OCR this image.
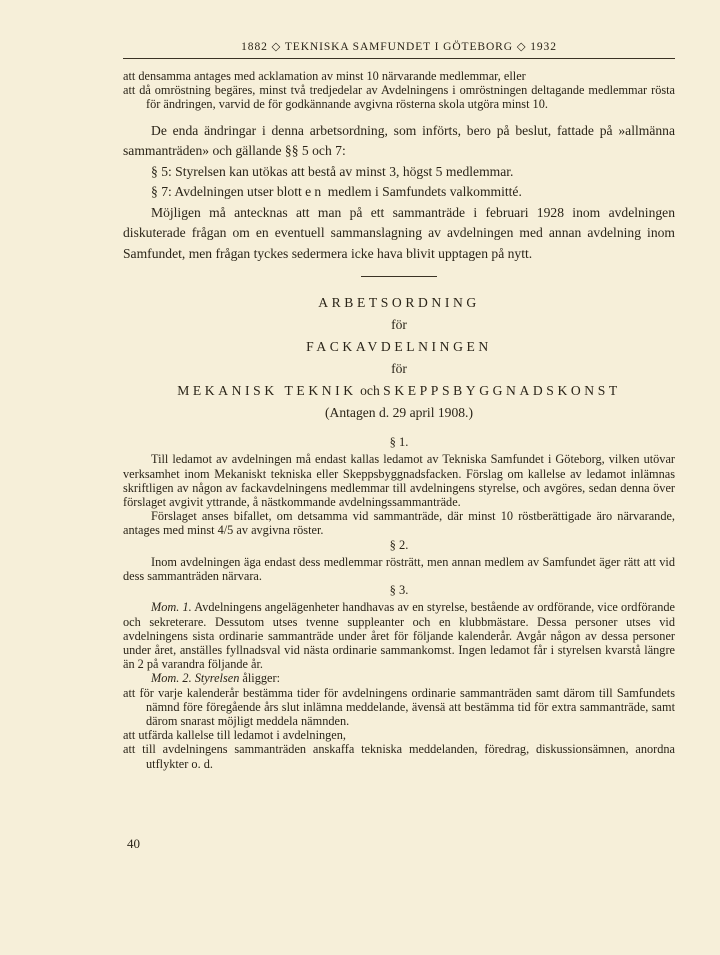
1882 ◇ TEKNISKA SAMFUNDET I GÖTEBORG ◇ 1932

att densamma antages med acklamation av minst 10 närvarande medlemmar, eller

att då omröstning begäres, minst två tredjedelar av Avdelningens i omröstningen deltagande medlemmar rösta för ändringen, varvid de för godkännande avgivna rösterna skola utgöra minst 10.

De enda ändringar i denna arbetsordning, som införts, bero på beslut, fattade på »allmänna sammanträden» och gällande §§ 5 och 7:

§ 5: Styrelsen kan utökas att bestå av minst 3, högst 5 medlemmar.

§ 7: Avdelningen utser blott en medlem i Samfundets valkommitté.

Möjligen må antecknas att man på ett sammanträde i februari 1928 inom avdelningen diskuterade frågan om en eventuell sammanslagning av avdelningen med annan avdelning inom Samfundet, men frågan tyckes sedermera icke hava blivit upptagen på nytt.

ARBETSORDNING

för

FACKAVDELNINGEN

för

MEKANISK TEKNIK och SKEPPSBYGGNADSKONST

(Antagen d. 29 april 1908.)

§ 1.

Till ledamot av avdelningen må endast kallas ledamot av Tekniska Samfundet i Göteborg, vilken utövar verksamhet inom Mekaniskt tekniska eller Skeppsbyggnadsfacken. Förslag om kallelse av ledamot inlämnas skriftligen av någon av fackavdelningens medlemmar till avdelningens styrelse, och avgöres, sedan denna över förslaget avgivit yttrande, å nästkommande avdelningssammanträde.

Förslaget anses bifallet, om detsamma vid sammanträde, där minst 10 röstberättigade äro närvarande, antages med minst 4/5 av avgivna röster.

§ 2.

Inom avdelningen äga endast dess medlemmar rösträtt, men annan medlem av Samfundet äger rätt att vid dess sammanträden närvara.

§ 3.

Mom. 1. Avdelningens angelägenheter handhavas av en styrelse, bestående av ordförande, vice ordförande och sekreterare. Dessutom utses tvenne suppleanter och en klubbmästare. Dessa personer utses vid avdelningens sista ordinarie sammanträde under året för följande kalenderår. Avgår någon av dessa personer under året, anställes fyllnadsval vid nästa ordinarie sammankomst. Ingen ledamot får i styrelsen kvarstå längre än 2 på varandra följande år.

Mom. 2. Styrelsen åligger:

att för varje kalenderår bestämma tider för avdelningens ordinarie sammanträden samt därom till Samfundets nämnd före föregående års slut inlämna meddelande, ävensä att bestämma tid för extra sammanträde, samt därom snarast möjligt meddela nämnden.

att utfärda kallelse till ledamot i avdelningen,

att till avdelningens sammanträden anskaffa tekniska meddelanden, föredrag, diskussionsämnen, anordna utflykter o. d.

40
